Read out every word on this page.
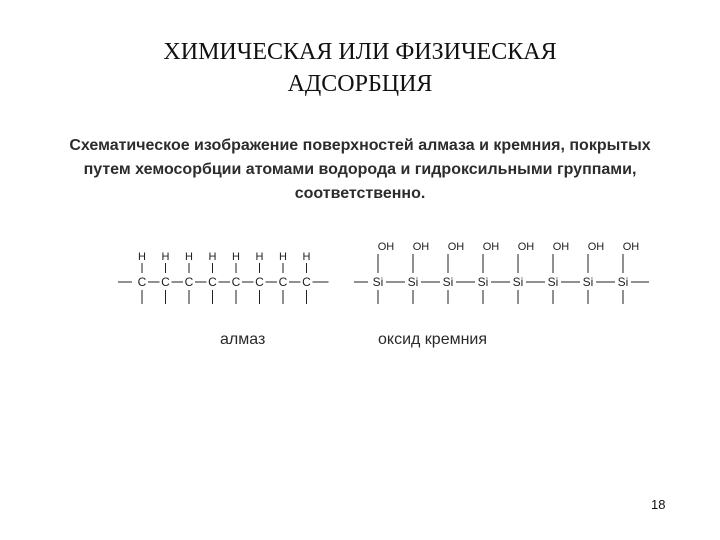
ХИМИЧЕСКАЯ ИЛИ ФИЗИЧЕСКАЯ
АДСОРБЦИЯ
Схематическое изображение поверхностей алмаза и кремния, покрытых
путем хемосорбции атомами водорода и гидроксильными группами,
соответственно.
H
C
H
C
H
C
H
C
H
C
H
C
H
C
H
C
OH
Si
OH
Si
OH
Si
OH
Si
OH
Si
OH
Si
OH
Si
OH
Si
алмаз	оксид кремния
18
